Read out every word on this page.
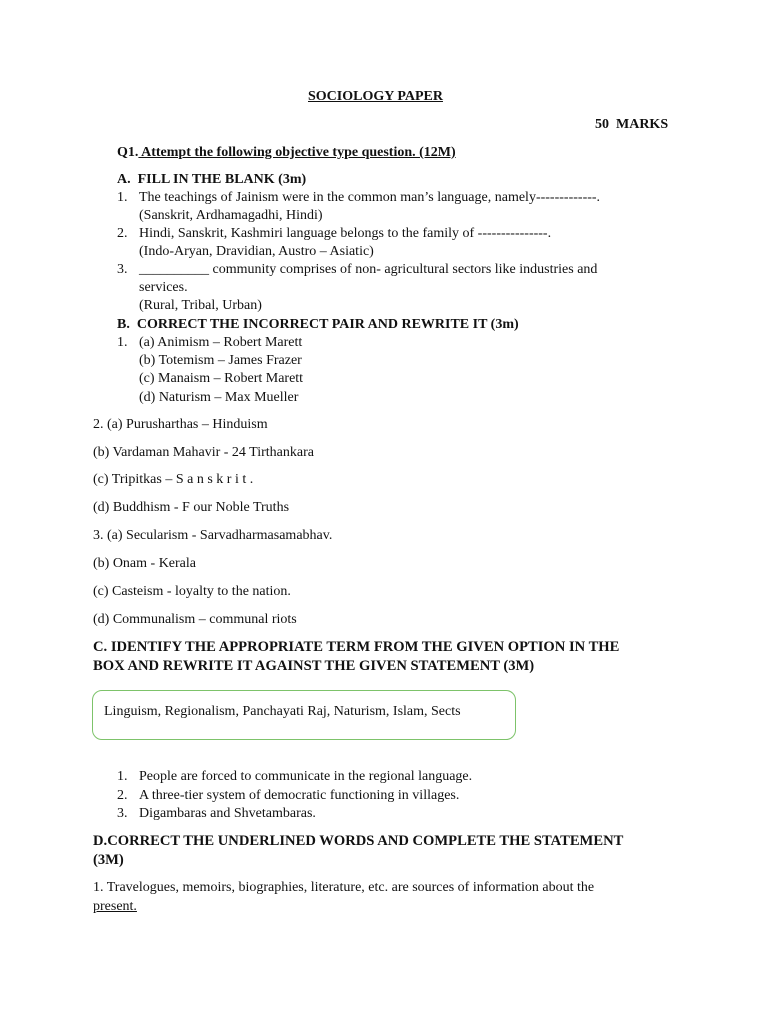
SOCIOLOGY PAPER
50  MARKS
Q1. Attempt the following objective type question. (12M)
A.  FILL IN THE BLANK (3m)
1. The teachings of Jainism were in the common man’s language, namely-------------.
(Sanskrit, Ardhamagadhi, Hindi)
2. Hindi, Sanskrit, Kashmiri language belongs to the family of ---------------.
(Indo-Aryan, Dravidian, Austro – Asiatic)
3. __________ community comprises of non- agricultural sectors like industries and
services.
(Rural, Tribal, Urban)
B.  CORRECT THE INCORRECT PAIR AND REWRITE IT (3m)
1. (a) Animism – Robert Marett
(b) Totemism – James Frazer
(c) Manaism – Robert Marett
(d) Naturism – Max Mueller
2. (a) Purusharthas – Hinduism
(b) Vardaman Mahavir - 24 Tirthankara
(c) Tripitkas – S a n s k r i t .
(d) Buddhism - F our Noble Truths
3. (a) Secularism - Sarvadharmasamabhav.
(b) Onam - Kerala
(c) Casteism - loyalty to the nation.
(d) Communalism – communal riots
C. IDENTIFY THE APPROPRIATE TERM FROM THE GIVEN OPTION IN THE
BOX AND REWRITE IT AGAINST THE GIVEN STATEMENT (3M)
Linguism, Regionalism, Panchayati Raj, Naturism, Islam, Sects
1. People are forced to communicate in the regional language.
2. A three-tier system of democratic functioning in villages.
3. Digambaras and Shvetambaras.
D.CORRECT THE UNDERLINED WORDS AND COMPLETE THE STATEMENT
(3M)
1. Travelogues, memoirs, biographies, literature, etc. are sources of information about the
present.
